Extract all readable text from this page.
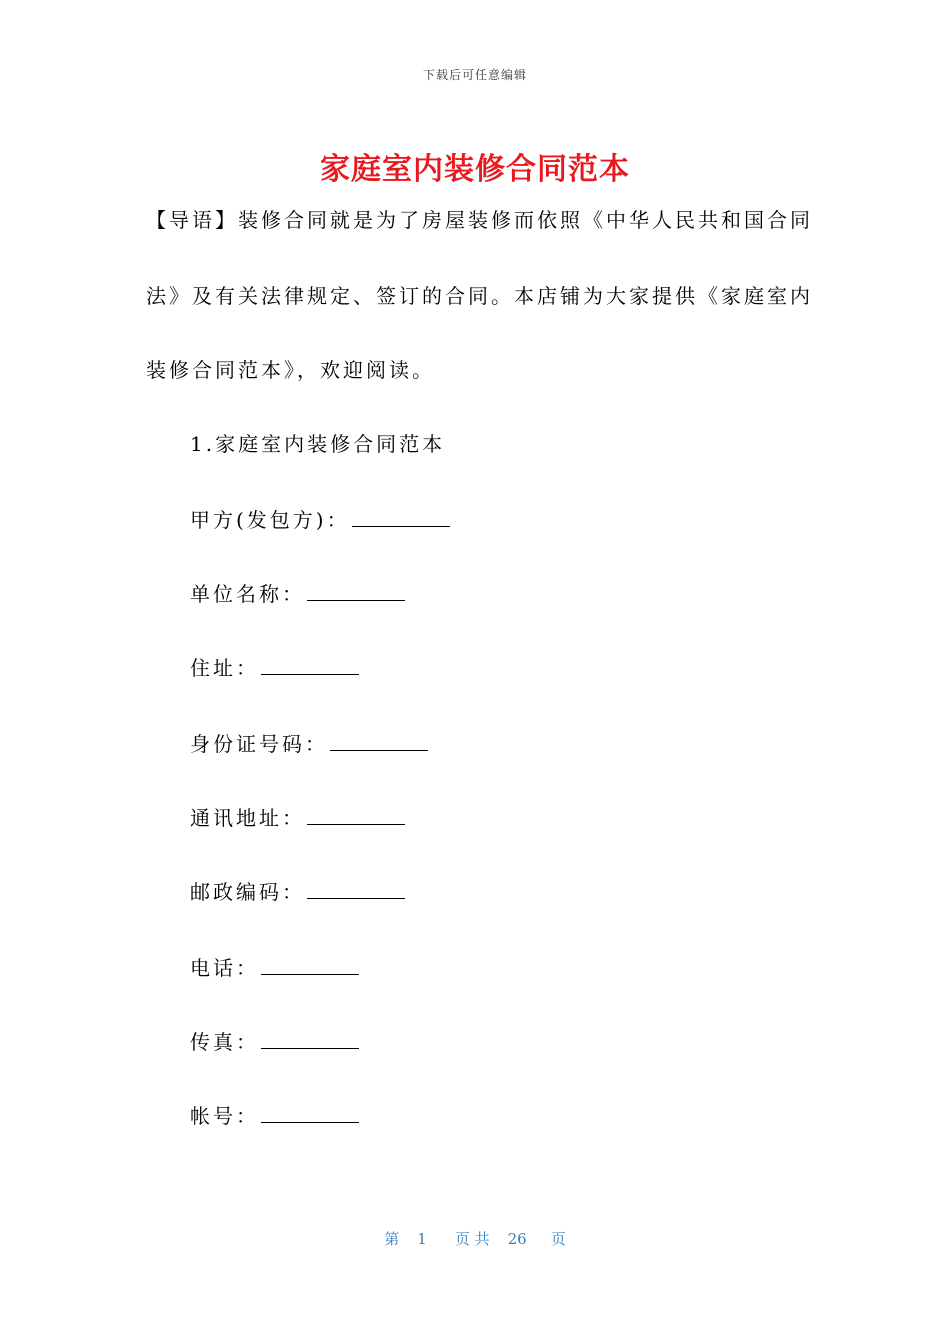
下载后可任意编辑
家庭室内装修合同范本
【导语】装修合同就是为了房屋装修而依照《中华人民共和国合同
法》及有关法律规定、签订的合同。本店铺为大家提供《家庭室内
装修合同范本》，欢迎阅读。
1.家庭室内装修合同范本
甲方(发包方)：
单位名称：
住址：
身份证号码：
通讯地址：
邮政编码：
电话：
传真：
帐号：
第 1 页 共 26 页
